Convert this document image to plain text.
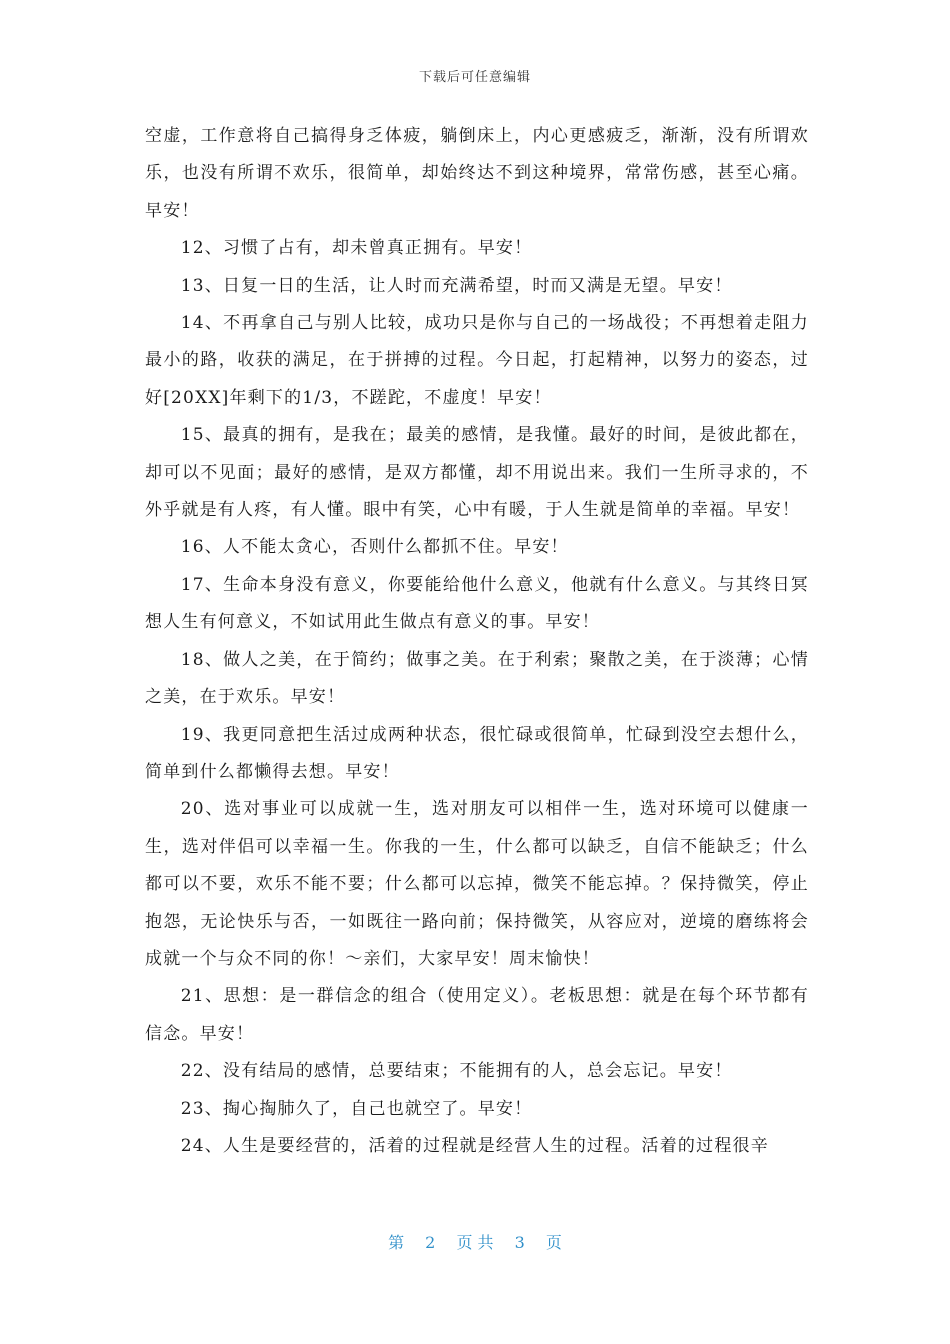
下载后可任意编辑

空虚，工作意将自己搞得身乏体疲，躺倒床上，内心更感疲乏，渐渐，没有所谓欢乐，也没有所谓不欢乐，很简单，却始终达不到这种境界，常常伤感，甚至心痛。早安！

12、习惯了占有，却未曾真正拥有。早安！

13、日复一日的生活，让人时而充满希望，时而又满是无望。早安！

14、不再拿自己与别人比较，成功只是你与自己的一场战役；不再想着走阻力最小的路，收获的满足，在于拼搏的过程。今日起，打起精神，以努力的姿态，过好[20XX]年剩下的1/3，不蹉跎，不虚度！早安！

15、最真的拥有，是我在；最美的感情，是我懂。最好的时间，是彼此都在，却可以不见面；最好的感情，是双方都懂，却不用说出来。我们一生所寻求的，不外乎就是有人疼，有人懂。眼中有笑，心中有暖，于人生就是简单的幸福。早安！

16、人不能太贪心，否则什么都抓不住。早安！

17、生命本身没有意义，你要能给他什么意义，他就有什么意义。与其终日冥想人生有何意义，不如试用此生做点有意义的事。早安！

18、做人之美，在于简约；做事之美。在于利索；聚散之美，在于淡薄；心情之美，在于欢乐。早安！

19、我更同意把生活过成两种状态，很忙碌或很简单，忙碌到没空去想什么，简单到什么都懒得去想。早安！

20、选对事业可以成就一生，选对朋友可以相伴一生，选对环境可以健康一生，选对伴侣可以幸福一生。你我的一生，什么都可以缺乏，自信不能缺乏；什么都可以不要，欢乐不能不要；什么都可以忘掉，微笑不能忘掉。？保持微笑，停止抱怨，无论快乐与否，一如既往一路向前；保持微笑，从容应对，逆境的磨练将会成就一个与众不同的你！～亲们，大家早安！周末愉快！

21、思想：是一群信念的组合（使用定义）。老板思想：就是在每个环节都有信念。早安！

22、没有结局的感情，总要结束；不能拥有的人，总会忘记。早安！

23、掏心掏肺久了，自己也就空了。早安！

24、人生是要经营的，活着的过程就是经营人生的过程。活着的过程很辛

第 2 页 共 3 页
